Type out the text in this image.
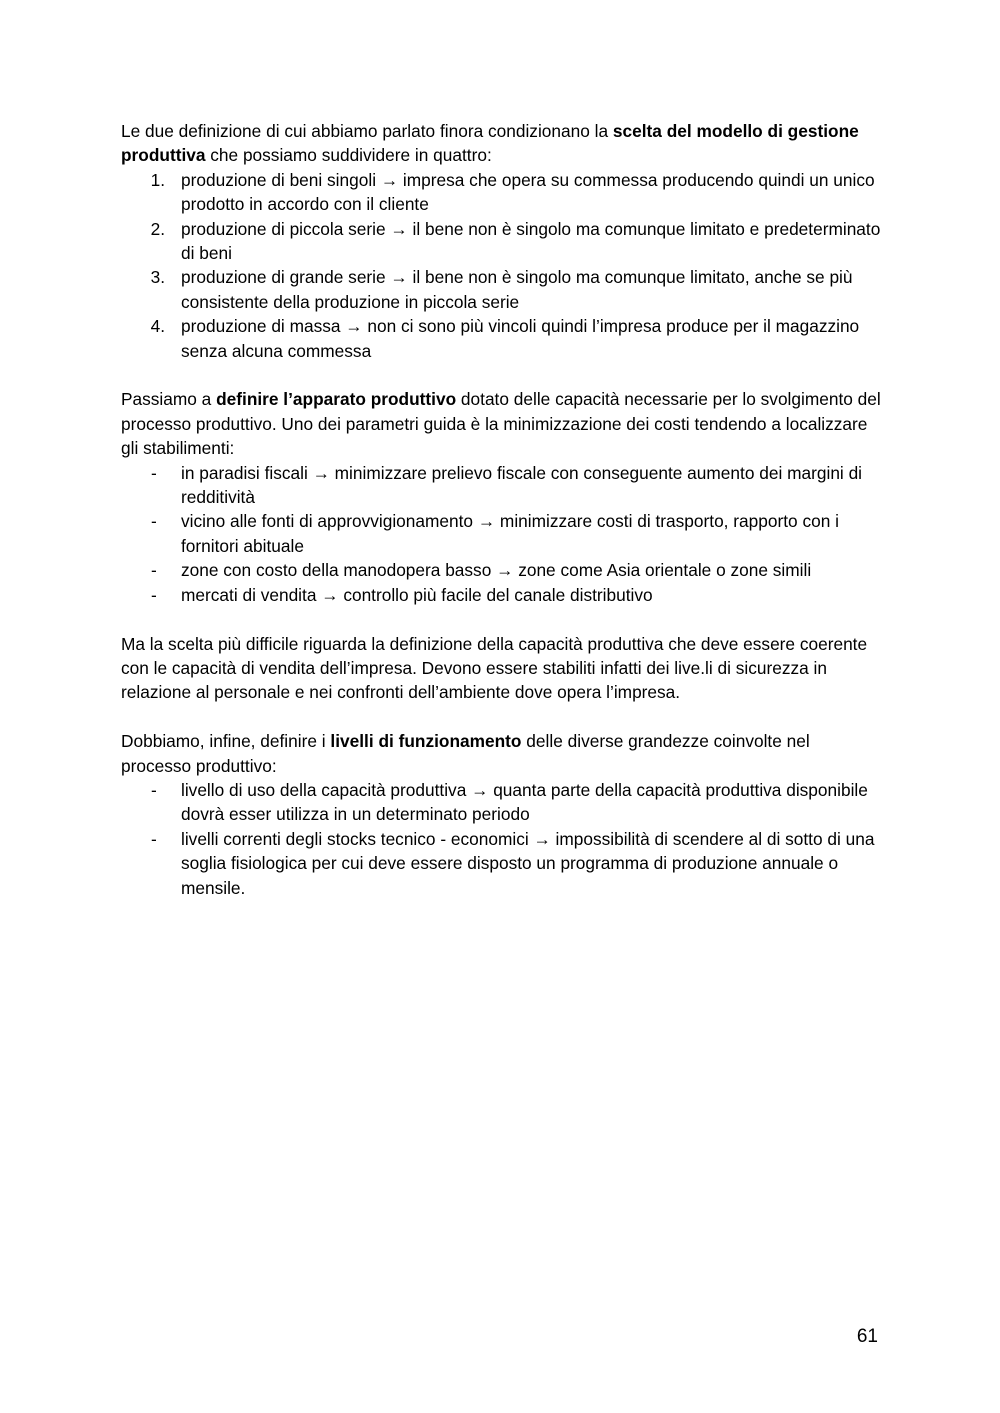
Le due definizione di cui abbiamo parlato finora condizionano la scelta del modello di gestione produttiva che possiamo suddividere in quattro:

1. produzione di beni singoli → impresa che opera su commessa producendo quindi un unico prodotto in accordo con il cliente
2. produzione di piccola serie → il bene non è singolo ma comunque limitato e predeterminato di beni
3. produzione di grande serie → il bene non è singolo ma comunque limitato, anche se più consistente della produzione in piccola serie
4. produzione di massa → non ci sono più vincoli quindi l’impresa produce per il magazzino senza alcuna commessa

Passiamo a definire l’apparato produttivo dotato delle capacità necessarie per lo svolgimento del processo produttivo. Uno dei parametri guida è la minimizzazione dei costi tendendo a localizzare gli stabilimenti:

- in paradisi fiscali → minimizzare prelievo fiscale con conseguente aumento dei margini di redditività
- vicino alle fonti di approvvigionamento → minimizzare costi di trasporto, rapporto con i fornitori abituale
- zone con costo della manodopera basso → zone come Asia orientale o zone simili
- mercati di vendita → controllo più facile del canale distributivo

Ma la scelta più difficile riguarda la definizione della capacità produttiva che deve essere coerente con le capacità di vendita dell’impresa. Devono essere stabiliti infatti dei live.li di sicurezza in relazione al personale e nei confronti dell’ambiente dove opera l’impresa.

Dobbiamo, infine, definire i livelli di funzionamento delle diverse grandezze coinvolte nel processo produttivo:

- livello di uso della capacità produttiva → quanta parte della capacità produttiva disponibile dovrà esser utilizza in un determinato periodo
- livelli correnti degli stocks tecnico - economici → impossibilità di scendere al di sotto di una soglia fisiologica per cui deve essere disposto un programma di produzione annuale o mensile.
61
